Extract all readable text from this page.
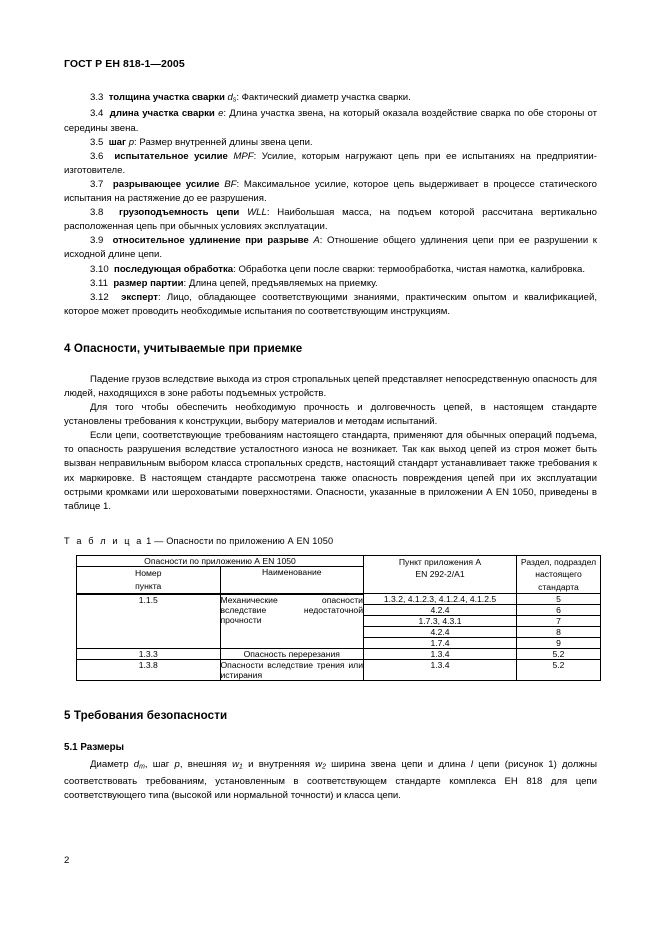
ГОСТ Р ЕН 818-1—2005

3.3 толщина участка сварки $d_s$: Фактический диаметр участка сварки.

3.4 длина участка сварки e: Длина участка звена, на который оказала воздействие сварка по обе стороны от середины звена.

3.5 шаг p: Размер внутренней длины звена цепи.

3.6 испытательное усилие MPF: Усилие, которым нагружают цепь при ее испытаниях на предприятии-изготовителе.

3.7 разрывающее усилие BF: Максимальное усилие, которое цепь выдерживает в процессе статического испытания на растяжение до ее разрушения.

3.8 грузоподъемность цепи WLL: Наибольшая масса, на подъем которой рассчитана вертикально расположенная цепь при обычных условиях эксплуатации.

3.9 относительное удлинение при разрыве A: Отношение общего удлинения цепи при ее разрушении к исходной длине цепи.

3.10 последующая обработка: Обработка цепи после сварки: термообработка, чистая намотка, калибровка.

3.11 размер партии: Длина цепей, предъявляемых на приемку.

3.12 эксперт: Лицо, обладающее соответствующими знаниями, практическим опытом и квалификацией, которое может проводить необходимые испытания по соответствующим инструкциям.

4 Опасности, учитываемые при приемке

Падение грузов вследствие выхода из строя стропальных цепей представляет непосредственную опасность для людей, находящихся в зоне работы подъемных устройств.

Для того чтобы обеспечить необходимую прочность и долговечность цепей, в настоящем стандарте установлены требования к конструкции, выбору материалов и методам испытаний.

Если цепи, соответствующие требованиям настоящего стандарта, применяют для обычных операций подъема, то опасность разрушения вследствие усталостного износа не возникает. Так как выход цепей из строя может быть вызван неправильным выбором класса стропальных средств, настоящий стандарт устанавливает также требования к их маркировке. В настоящем стандарте рассмотрена также опасность повреждения цепей при их эксплуатации острыми кромками или шероховатыми поверхностями. Опасности, указанные в приложении А EN 1050, приведены в таблице 1.

Т а б л и ц а 1 — Опасности по приложению А EN 1050
Опасности по приложению А EN 1050		Пункт приложения А
EN 292-2/A1	Раздел, подраздел
настоящего стандарта
Номер
пункта	Наименование		
1.1.5	Механические опасности вследствие недостаточной прочности	1.3.2, 4.1.2.3, 4.1.2.4, 4.1.2.5	5
		4.2.4	6
		1.7.3, 4.3.1	7
		4.2.4	8
		1.7.4	9
1.3.3	Опасность перерезания	1.3.4	5.2
1.3.8	Опасности вследствие трения или истирания	1.3.4	5.2
5 Требования безопасности
5.1 Размеры

Диаметр $d_m$, шаг p, внешняя $w_1$ и внутренняя $w_2$ ширина звена цепи и длина l цепи (рисунок 1) должны соответствовать требованиям, установленным в соответствующем стандарте комплекса ЕН 818 для цепи соответствующего типа (высокой или нормальной точности) и класса цепи.

2
